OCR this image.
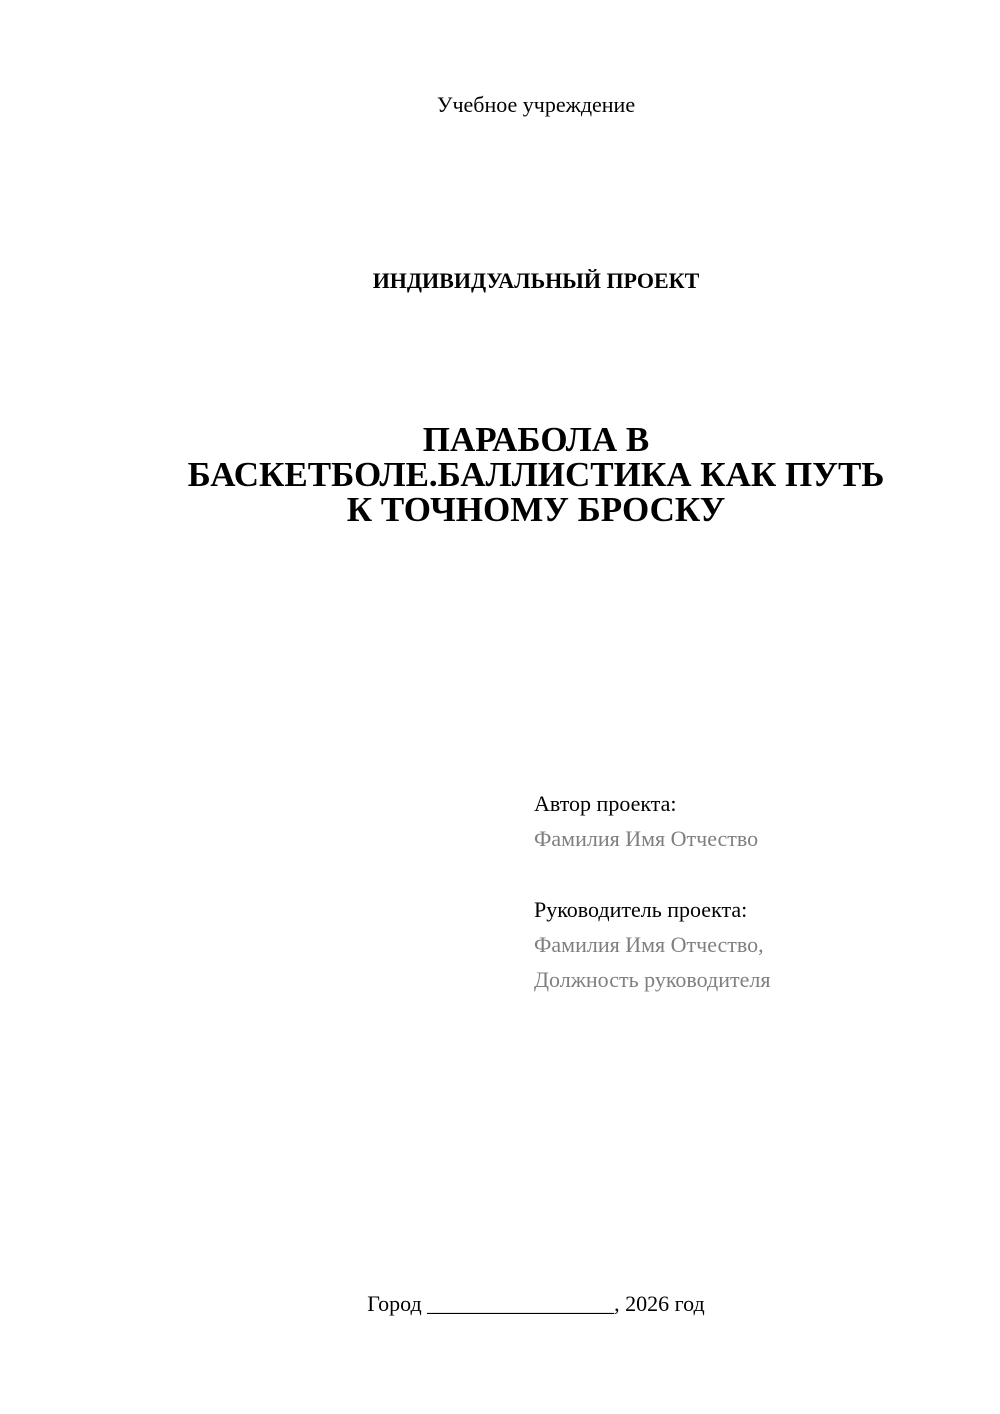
Учебное учреждение
ИНДИВИДУАЛЬНЫЙ ПРОЕКТ
ПАРАБОЛА В
БАСКЕТБОЛЕ.БАЛЛИСТИКА КАК ПУТЬ
К ТОЧНОМУ БРОСКУ
Автор проекта:
Фамилия Имя Отчество
Руководитель проекта:
Фамилия Имя Отчество,
Должность руководителя
Город _________________, 2026 год
